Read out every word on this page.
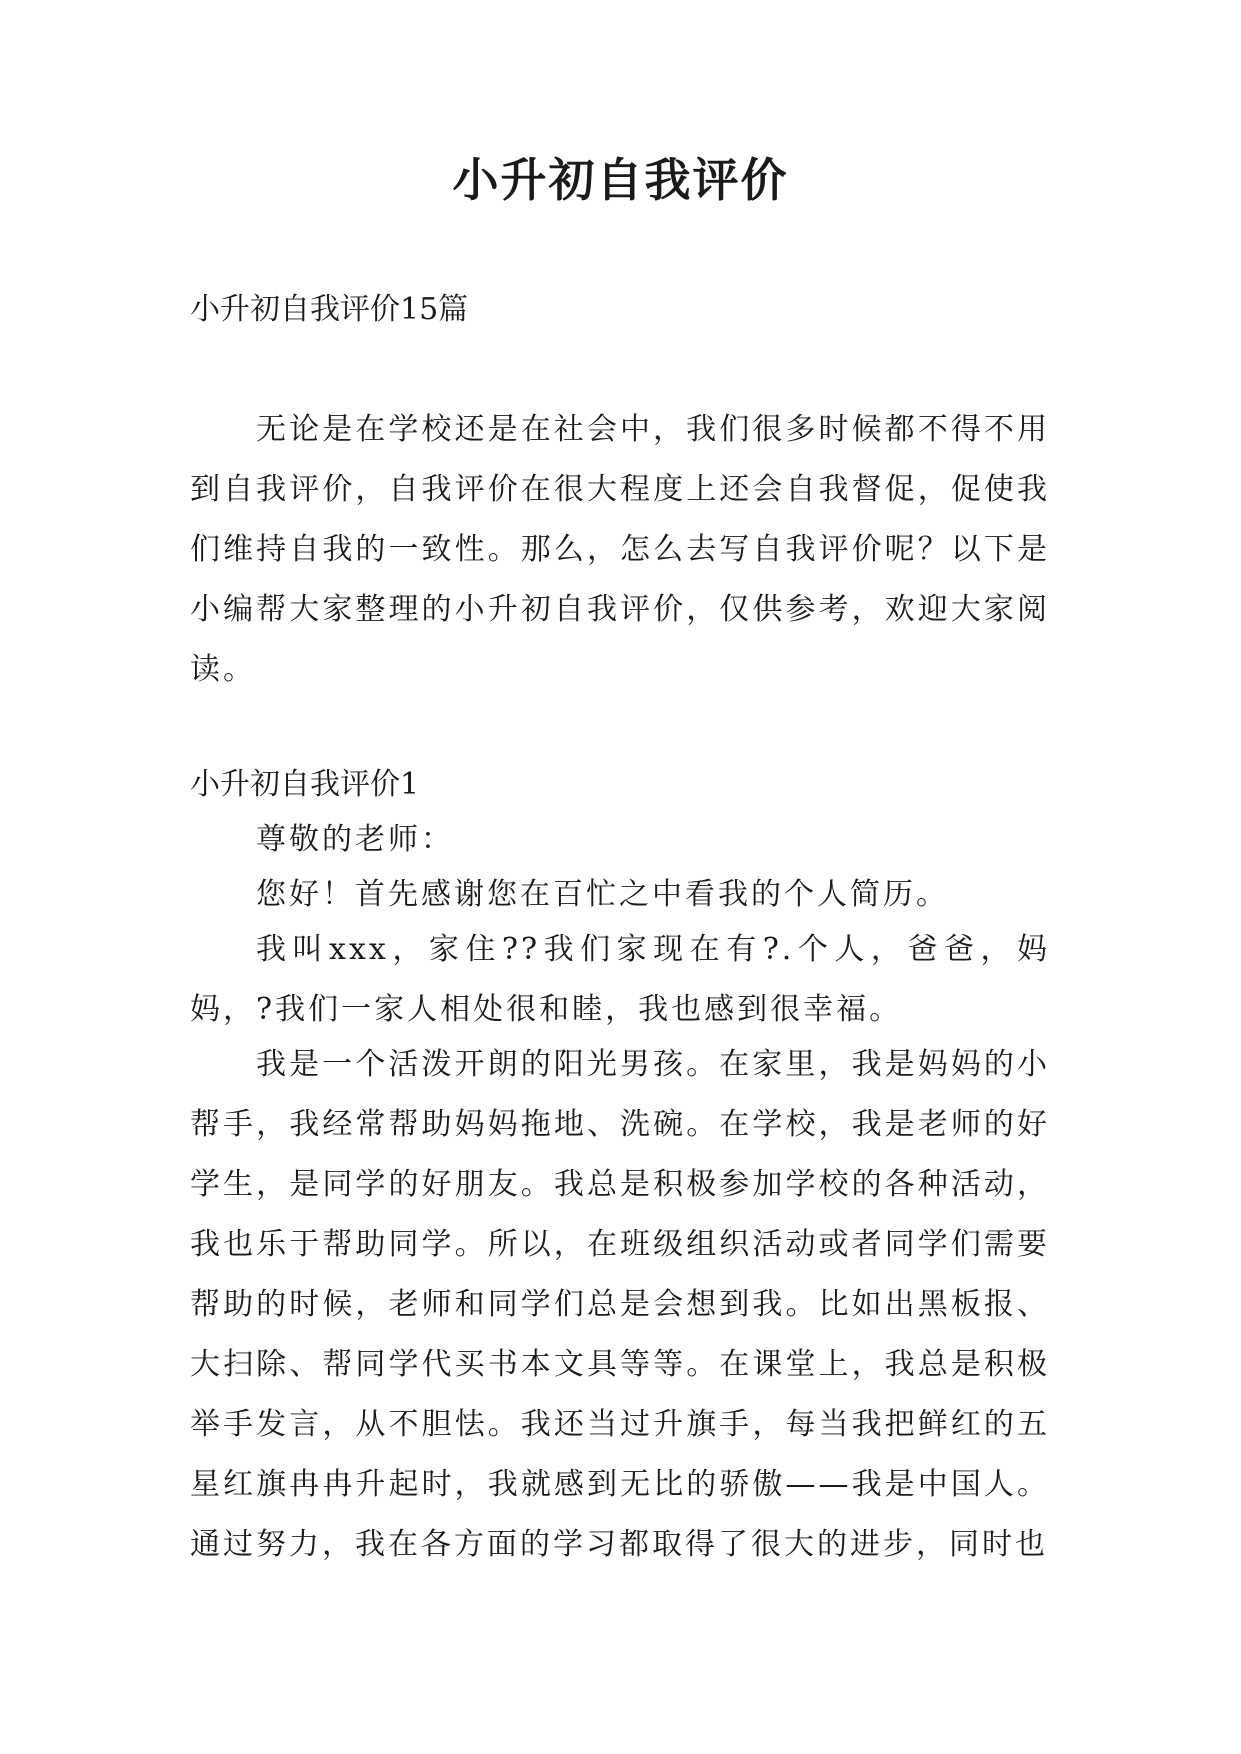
小升初自我评价

小升初自我评价15篇

无论是在学校还是在社会中，我们很多时候都不得不用到自我评价，自我评价在很大程度上还会自我督促，促使我们维持自我的一致性。那么，怎么去写自我评价呢？以下是小编帮大家整理的小升初自我评价，仅供参考，欢迎大家阅读。

小升初自我评价1

尊敬的老师：

您好！首先感谢您在百忙之中看我的个人简历。

我叫xxx，家住??我们家现在有?.个人，爸爸，妈妈，?我们一家人相处很和睦，我也感到很幸福。

我是一个活泼开朗的阳光男孩。在家里，我是妈妈的小帮手，我经常帮助妈妈拖地、洗碗。在学校，我是老师的好学生，是同学的好朋友。我总是积极参加学校的各种活动，我也乐于帮助同学。所以，在班级组织活动或者同学们需要帮助的时候，老师和同学们总是会想到我。比如出黑板报、大扫除、帮同学代买书本文具等等。在课堂上，我总是积极举手发言，从不胆怯。我还当过升旗手，每当我把鲜红的五星红旗冉冉升起时，我就感到无比的骄傲——我是中国人。通过努力，我在各方面的学习都取得了很大的进步，同时也
